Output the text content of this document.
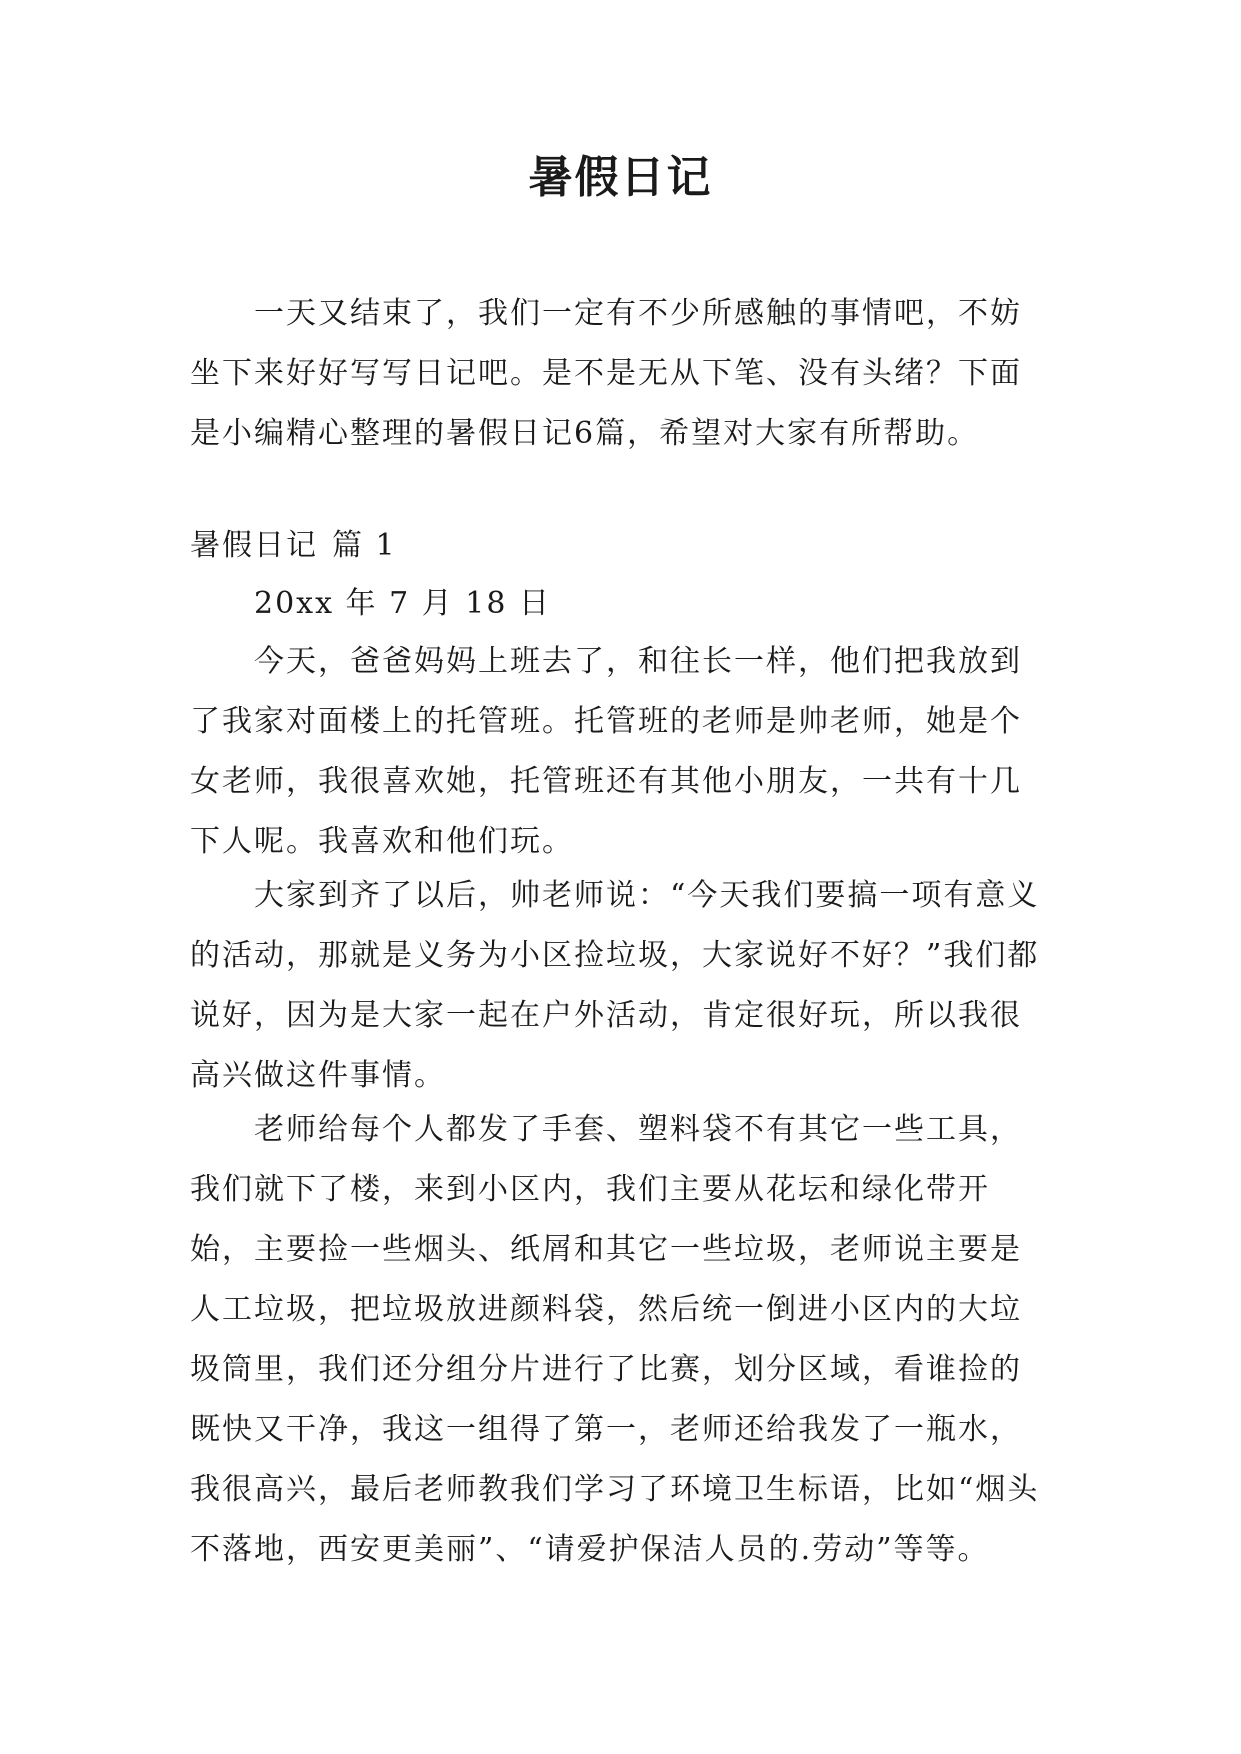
暑假日记

一天又结束了，我们一定有不少所感触的事情吧，不妨坐下来好好写写日记吧。是不是无从下笔、没有头绪？下面是小编精心整理的暑假日记6篇，希望对大家有所帮助。

暑假日记 篇 1

20xx 年 7 月 18 日

今天，爸爸妈妈上班去了，和往长一样，他们把我放到了我家对面楼上的托管班。托管班的老师是帅老师，她是个女老师，我很喜欢她，托管班还有其他小朋友，一共有十几下人呢。我喜欢和他们玩。

大家到齐了以后，帅老师说：“今天我们要搞一项有意义的活动，那就是义务为小区捡垃圾，大家说好不好？”我们都说好，因为是大家一起在户外活动，肯定很好玩，所以我很高兴做这件事情。

老师给每个人都发了手套、塑料袋不有其它一些工具，我们就下了楼，来到小区内，我们主要从花坛和绿化带开始，主要捡一些烟头、纸屑和其它一些垃圾，老师说主要是人工垃圾，把垃圾放进颜料袋，然后统一倒进小区内的大垃圾筒里，我们还分组分片进行了比赛，划分区域，看谁捡的既快又干净，我这一组得了第一，老师还给我发了一瓶水，我很高兴，最后老师教我们学习了环境卫生标语，比如“烟头不落地，西安更美丽”、“请爱护保洁人员的.劳动”等等。
